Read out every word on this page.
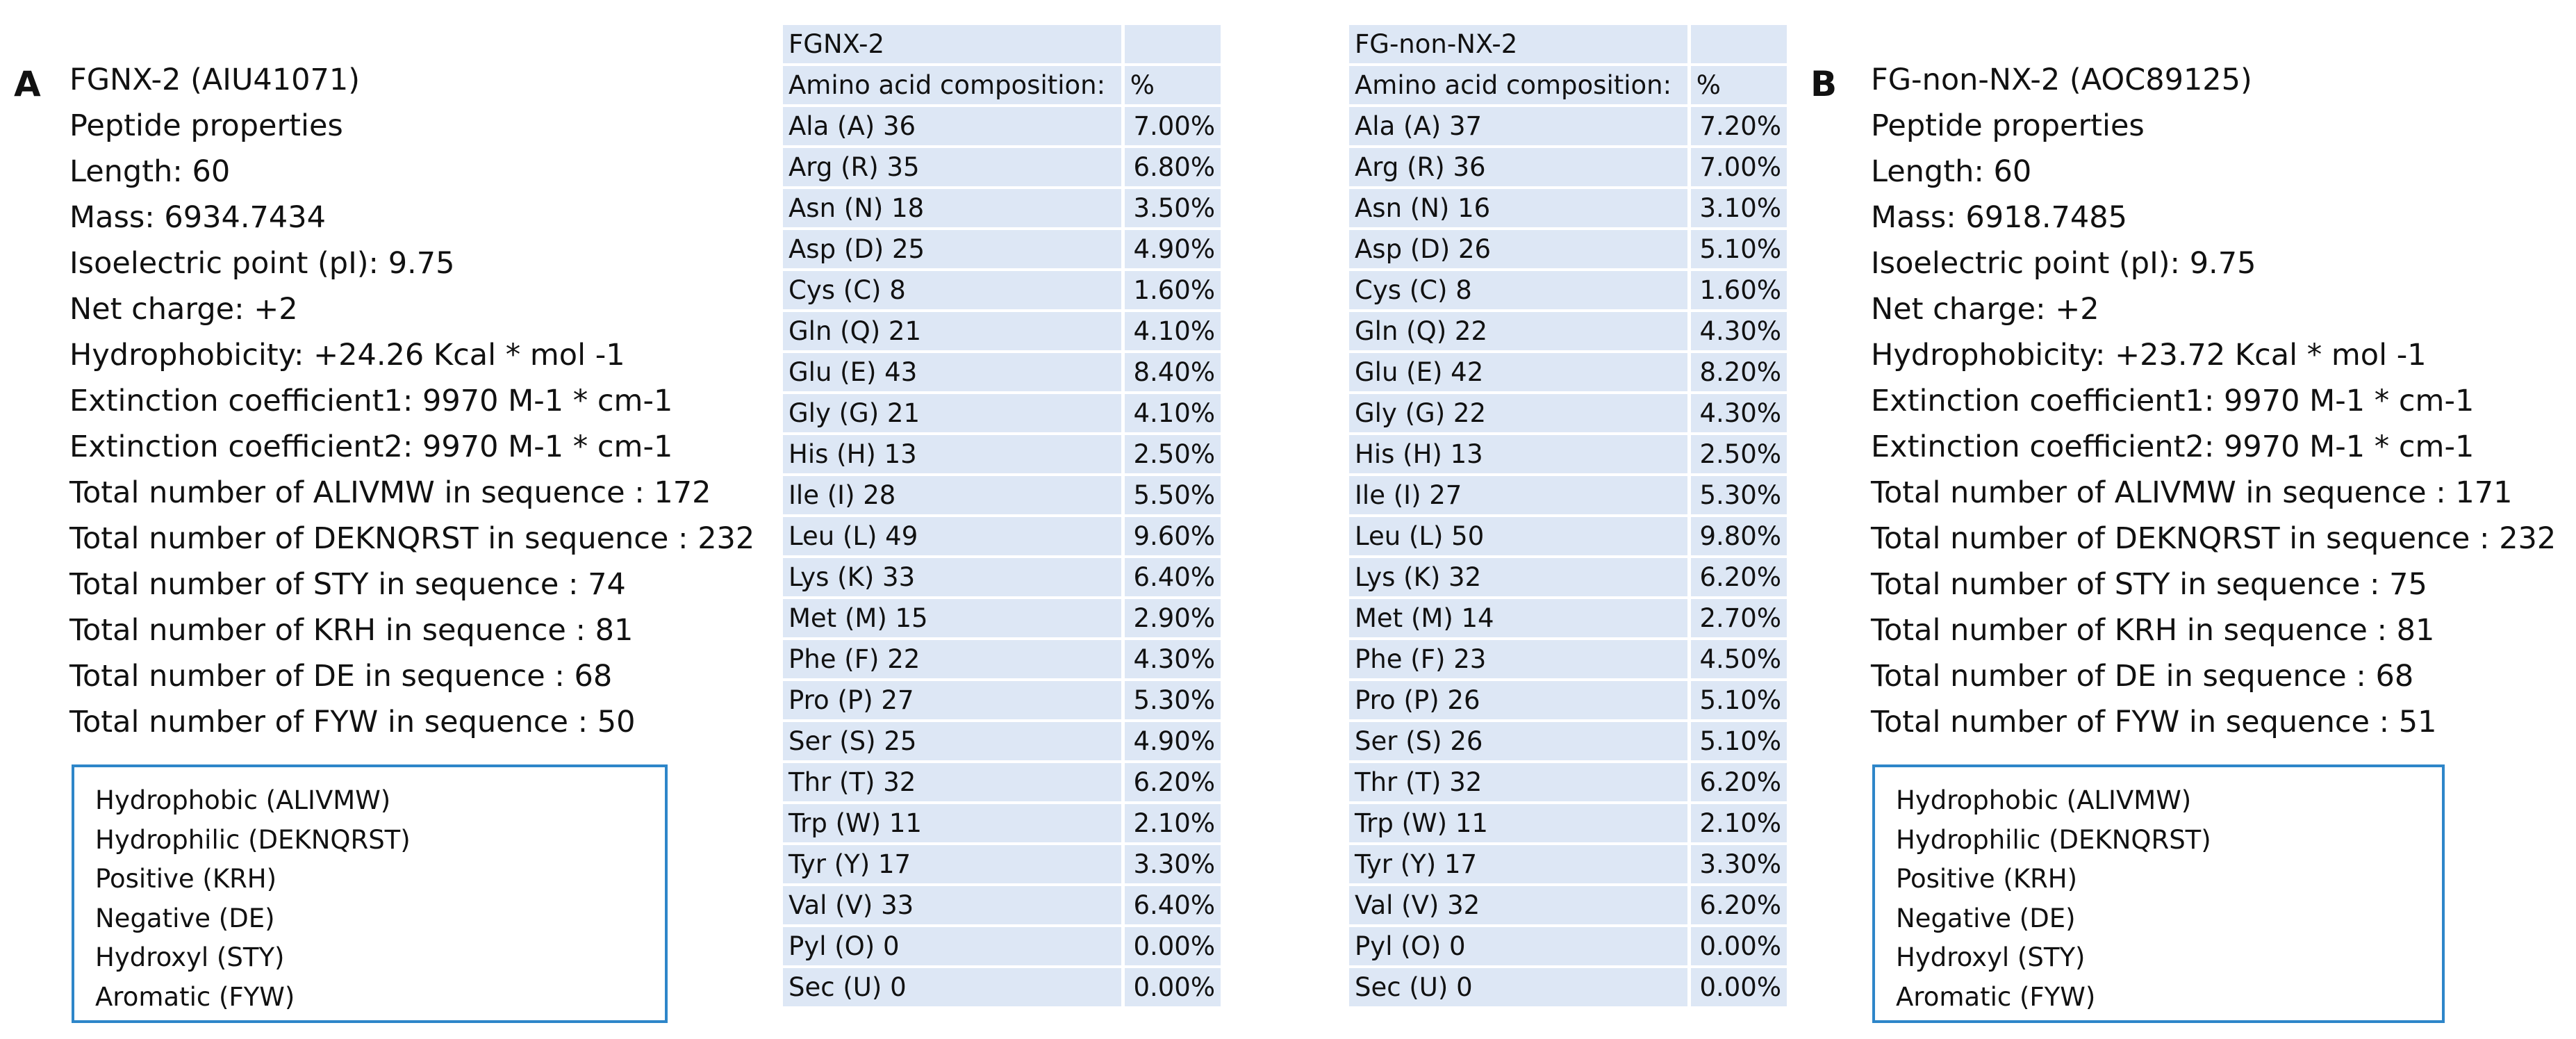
A FGNX-2 (AIU41071)
Peptide properties
Length: 60
Mass: 6934.7434
Isoelectric point (pI): 9.75
Net charge: +2
Hydrophobicity: +24.26 Kcal * mol -1
Extinction coefficient1: 9970 M-1 * cm-1
Extinction coefficient2: 9970 M-1 * cm-1
Total number of ALIVMW in sequence : 172
Total number of DEKNQRST in sequence : 232
Total number of STY in sequence : 74
Total number of KRH in sequence : 81
Total number of DE in sequence : 68
Total number of FYW in sequence : 50
Hydrophobic (ALIVMW)
Hydrophilic (DEKNQRST)
Positive (KRH)
Negative (DE)
Hydroxyl (STY)
Aromatic (FYW)
FGNX-2	
Amino acid composition:	%
Ala (A) 36	7.00%
Arg (R) 35	6.80%
Asn (N) 18	3.50%
Asp (D) 25	4.90%
Cys (C) 8	1.60%
Gln (Q) 21	4.10%
Glu (E) 43	8.40%
Gly (G) 21	4.10%
His (H) 13	2.50%
Ile (I) 28	5.50%
Leu (L) 49	9.60%
Lys (K) 33	6.40%
Met (M) 15	2.90%
Phe (F) 22	4.30%
Pro (P) 27	5.30%
Ser (S) 25	4.90%
Thr (T) 32	6.20%
Trp (W) 11	2.10%
Tyr (Y) 17	3.30%
Val (V) 33	6.40%
Pyl (O) 0	0.00%
Sec (U) 0	0.00%
FG-non-NX-2	
Amino acid composition:	%
Ala (A) 37	7.20%
Arg (R) 36	7.00%
Asn (N) 16	3.10%
Asp (D) 26	5.10%
Cys (C) 8	1.60%
Gln (Q) 22	4.30%
Glu (E) 42	8.20%
Gly (G) 22	4.30%
His (H) 13	2.50%
Ile (I) 27	5.30%
Leu (L) 50	9.80%
Lys (K) 32	6.20%
Met (M) 14	2.70%
Phe (F) 23	4.50%
Pro (P) 26	5.10%
Ser (S) 26	5.10%
Thr (T) 32	6.20%
Trp (W) 11	2.10%
Tyr (Y) 17	3.30%
Val (V) 32	6.20%
Pyl (O) 0	0.00%
Sec (U) 0	0.00%
B FG-non-NX-2 (AOC89125)
Peptide properties
Length: 60
Mass: 6918.7485
Isoelectric point (pI): 9.75
Net charge: +2
Hydrophobicity: +23.72 Kcal * mol -1
Extinction coefficient1: 9970 M-1 * cm-1
Extinction coefficient2: 9970 M-1 * cm-1
Total number of ALIVMW in sequence : 171
Total number of DEKNQRST in sequence : 232
Total number of STY in sequence : 75
Total number of KRH in sequence : 81
Total number of DE in sequence : 68
Total number of FYW in sequence : 51
Hydrophobic (ALIVMW)
Hydrophilic (DEKNQRST)
Positive (KRH)
Negative (DE)
Hydroxyl (STY)
Aromatic (FYW)
